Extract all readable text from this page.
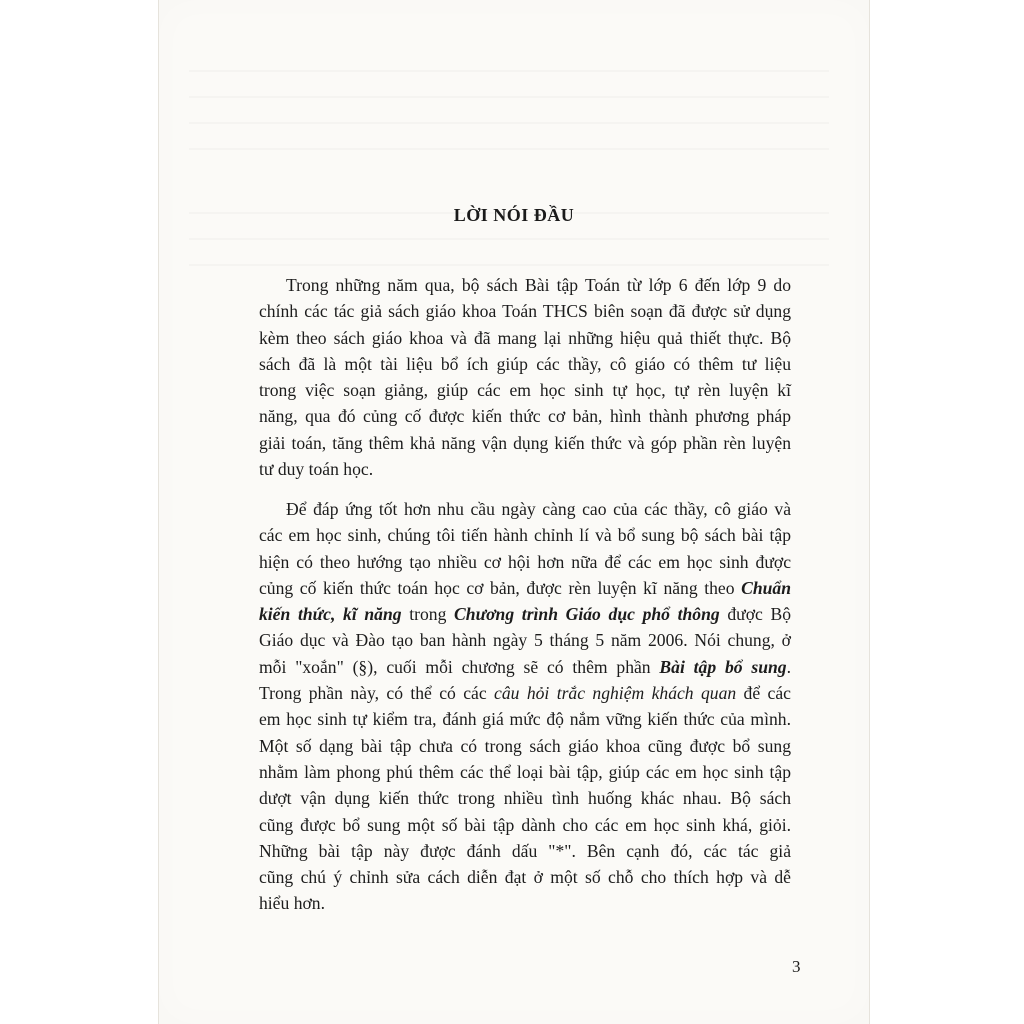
LỜI NÓI ĐẦU
Trong những năm qua, bộ sách Bài tập Toán từ lớp 6 đến lớp 9 do
chính các tác giả sách giáo khoa Toán THCS biên soạn đã được sử dụng
kèm theo sách giáo khoa và đã mang lại những hiệu quả thiết thực. Bộ
sách đã là một tài liệu bổ ích giúp các thầy, cô giáo có thêm tư liệu
trong việc soạn giảng, giúp các em học sinh tự học, tự rèn luyện kĩ
năng, qua đó củng cố được kiến thức cơ bản, hình thành phương pháp
giải toán, tăng thêm khả năng vận dụng kiến thức và góp phần rèn luyện
tư duy toán học.
Để đáp ứng tốt hơn nhu cầu ngày càng cao của các thầy, cô giáo và
các em học sinh, chúng tôi tiến hành chỉnh lí và bổ sung bộ sách bài tập
hiện có theo hướng tạo nhiều cơ hội hơn nữa để các em học sinh được
củng cố kiến thức toán học cơ bản, được rèn luyện kĩ năng theo Chuẩn
kiến thức, kĩ năng trong Chương trình Giáo dục phổ thông được Bộ
Giáo dục và Đào tạo ban hành ngày 5 tháng 5 năm 2006. Nói chung, ở
mỗi "xoắn" (§), cuối mỗi chương sẽ có thêm phần Bài tập bổ sung.
Trong phần này, có thể có các câu hỏi trắc nghiệm khách quan để các
em học sinh tự kiểm tra, đánh giá mức độ nắm vững kiến thức của mình.
Một số dạng bài tập chưa có trong sách giáo khoa cũng được bổ sung
nhằm làm phong phú thêm các thể loại bài tập, giúp các em học sinh tập
dượt vận dụng kiến thức trong nhiều tình huống khác nhau. Bộ sách
cũng được bổ sung một số bài tập dành cho các em học sinh khá, giỏi.
Những bài tập này được đánh dấu "*". Bên cạnh đó, các tác giả
cũng chú ý chỉnh sửa cách diễn đạt ở một số chỗ cho thích hợp và dễ
hiểu hơn.
3
